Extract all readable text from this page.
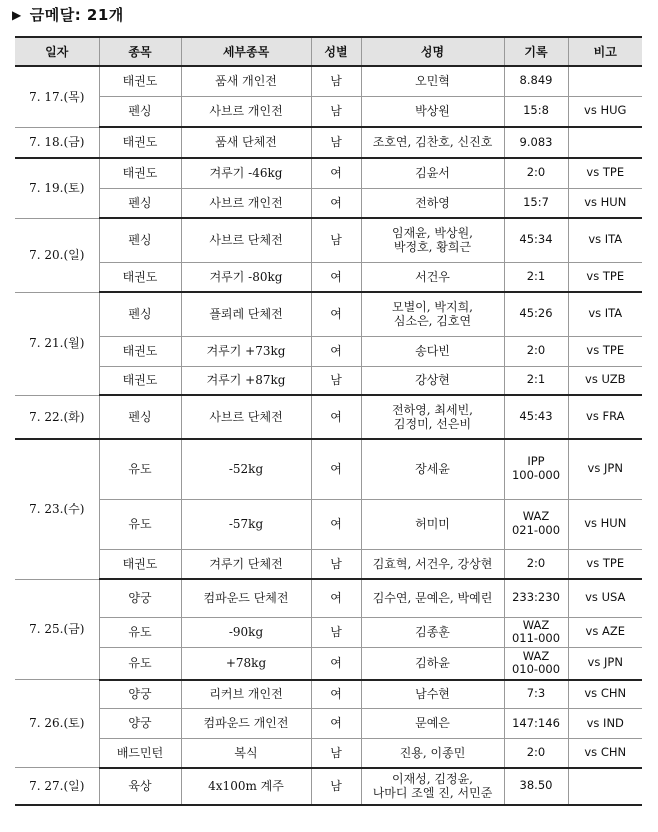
▶ 금메달: 21개
일자	종목	세부종목	성별	성명	기록	비고
7. 17.(목)	태권도	품새 개인전	남	오민혁	8.849	
	펜싱	사브르 개인전	남	박상원	15:8	vs HUG
7. 18.(금)	태권도	품새 단체전	남	조호연, 김찬호, 신진호	9.083	
7. 19.(토)	태권도	겨루기 -46kg	여	김윤서	2:0	vs TPE
	펜싱	사브르 개인전	여	전하영	15:7	vs HUN
7. 20.(일)	펜싱	사브르 단체전	남	임재윤, 박상원,
박정호, 황희근	45:34	vs ITA
	태권도	겨루기 -80kg	여	서건우	2:1	vs TPE
7. 21.(월)	펜싱	플뢰레 단체전	여	모별이, 박지희,
심소은, 김호연	45:26	vs ITA
	태권도	겨루기 +73kg	여	송다빈	2:0	vs TPE
	태권도	겨루기 +87kg	남	강상현	2:1	vs UZB
7. 22.(화)	펜싱	사브르 단체전	여	전하영, 최세빈,
김정미, 선은비	45:43	vs FRA
7. 23.(수)	유도	-52kg	여	장세윤	IPP
100-000	vs JPN
	유도	-57kg	여	허미미	WAZ
021-000	vs HUN
	태권도	겨루기 단체전	남	김효혁, 서건우, 강상현	2:0	vs TPE
7. 25.(금)	양궁	컴파운드 단체전	여	김수연, 문예은, 박예린	233:230	vs USA
	유도	-90kg	남	김종훈	WAZ
011-000	vs AZE
	유도	+78kg	여	김하윤	WAZ
010-000	vs JPN
7. 26.(토)	양궁	리커브 개인전	여	남수현	7:3	vs CHN
	양궁	컴파운드 개인전	여	문예은	147:146	vs IND
	배드민턴	복식	남	진용, 이종민	2:0	vs CHN
7. 27.(일)	육상	4x100m 계주	남	이재성, 김정윤,
나마디 조엘 진, 서민준	38.50	
